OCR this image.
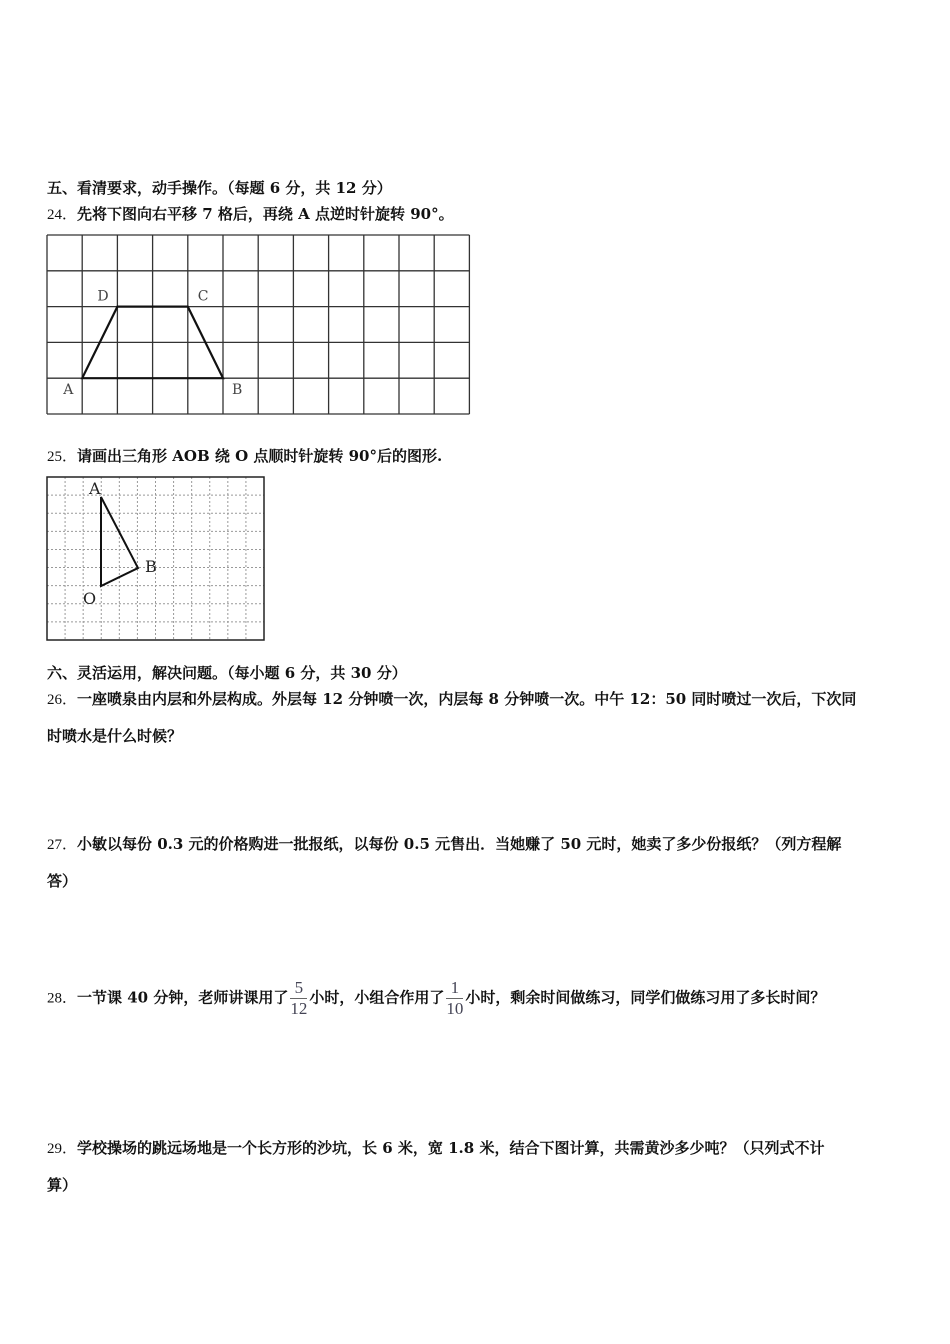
五、看清要求，动手操作。（每题 6 分，共 12 分）
24．先将下图向右平移 7 格后，再绕 A 点逆时针旋转 90°。
A	B
C
D
A
B
O
25．请画出三角形 AOB 绕 O 点顺时针旋转 90°后的图形.
六、灵活运用，解决问题。（每小题 6 分，共 30 分）
26．一座喷泉由内层和外层构成。外层每 12 分钟喷一次，内层每 8 分钟喷一次。中午 12：50 同时喷过一次后，下次同
时喷水是什么时候？
27．小敏以每份 0.3 元的价格购进一批报纸，以每份 0.5 元售出．当她赚了 50 元时，她卖了多少份报纸？（列方程解
答）
28．一节课 40 分钟，老师讲课用了 $\frac{5}{12}$ 小时，小组合作用了 $\frac{1}{10}$ 小时，剩余时间做练习，同学们做练习用了多长时间？
29．学校操场的跳远场地是一个长方形的沙坑，长 6 米，宽 1.8 米，结合下图计算，共需黄沙多少吨？（只列式不计
算）
